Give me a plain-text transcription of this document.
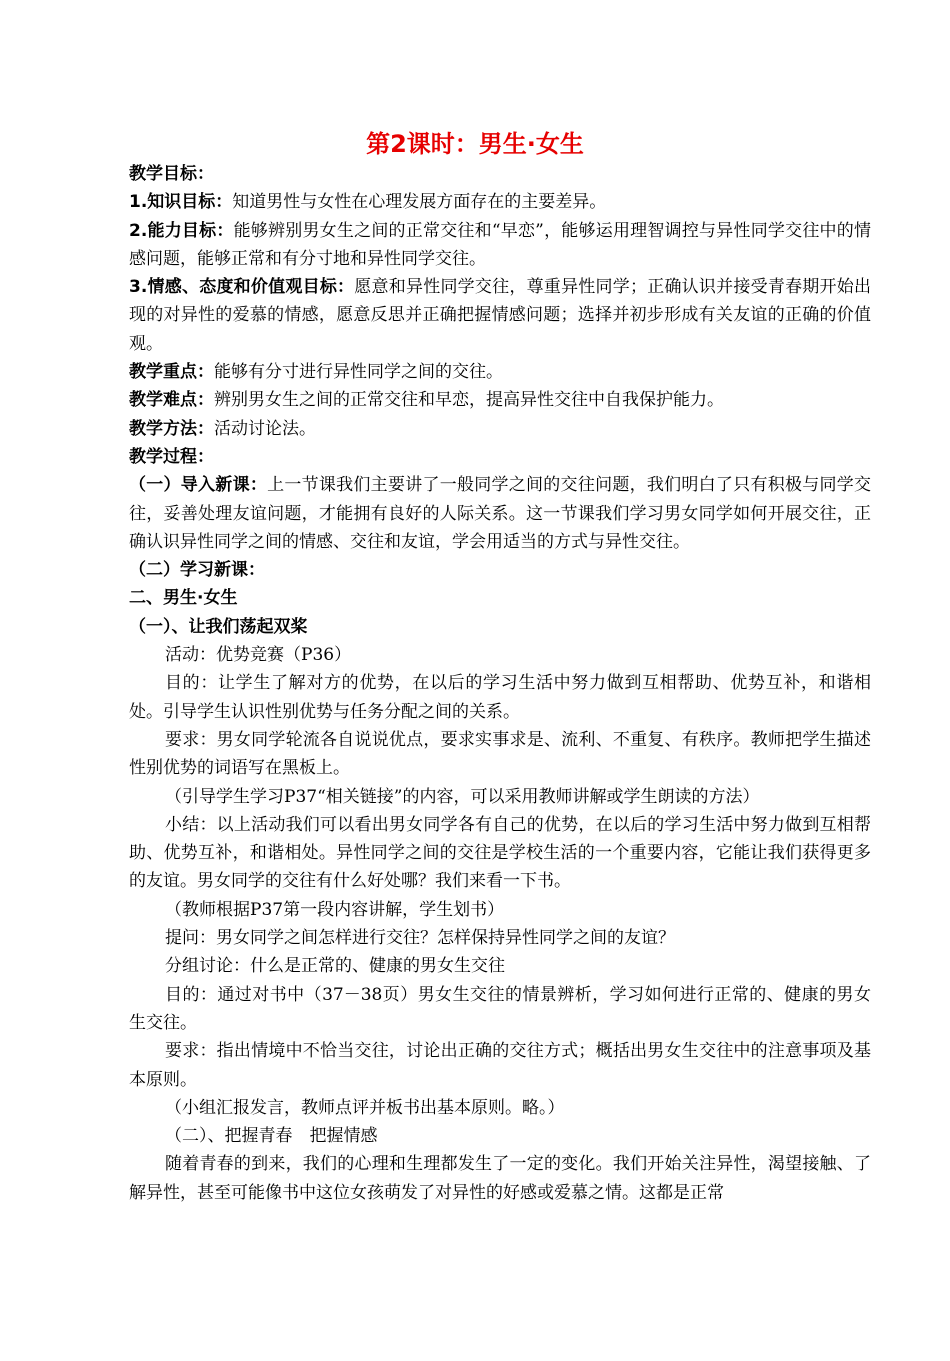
第2课时：男生·女生

教学目标：

1.知识目标：知道男性与女性在心理发展方面存在的主要差异。

2.能力目标：能够辨别男女生之间的正常交往和“早恋”，能够运用理智调控与异性同学交往中的情感问题，能够正常和有分寸地和异性同学交往。

3.情感、态度和价值观目标：愿意和异性同学交往，尊重异性同学；正确认识并接受青春期开始出现的对异性的爱慕的情感，愿意反思并正确把握情感问题；选择并初步形成有关友谊的正确的价值观。

教学重点：能够有分寸进行异性同学之间的交往。

教学难点：辨别男女生之间的正常交往和早恋，提高异性交往中自我保护能力。

教学方法：活动讨论法。

教学过程：

（一）导入新课：上一节课我们主要讲了一般同学之间的交往问题，我们明白了只有积极与同学交往，妥善处理友谊问题，才能拥有良好的人际关系。这一节课我们学习男女同学如何开展交往，正确认识异性同学之间的情感、交往和友谊，学会用适当的方式与异性交往。

（二）学习新课：

二、男生·女生

（一）、让我们荡起双桨

活动：优势竞赛（P36）

目的：让学生了解对方的优势，在以后的学习生活中努力做到互相帮助、优势互补，和谐相处。引导学生认识性别优势与任务分配之间的关系。

要求：男女同学轮流各自说说优点，要求实事求是、流利、不重复、有秩序。教师把学生描述性别优势的词语写在黑板上。

（引导学生学习P37“相关链接”的内容，可以采用教师讲解或学生朗读的方法）

小结：以上活动我们可以看出男女同学各有自己的优势，在以后的学习生活中努力做到互相帮助、优势互补，和谐相处。异性同学之间的交往是学校生活的一个重要内容，它能让我们获得更多的友谊。男女同学的交往有什么好处哪？我们来看一下书。

（教师根据P37第一段内容讲解，学生划书）

提问：男女同学之间怎样进行交往？怎样保持异性同学之间的友谊？

分组讨论：什么是正常的、健康的男女生交往

目的：通过对书中（37－38页）男女生交往的情景辨析，学习如何进行正常的、健康的男女生交往。

要求：指出情境中不恰当交往，讨论出正确的交往方式；概括出男女生交往中的注意事项及基本原则。

（小组汇报发言，教师点评并板书出基本原则。略。）

（二）、把握青春　把握情感

随着青春的到来，我们的心理和生理都发生了一定的变化。我们开始关注异性，渴望接触、了解异性，甚至可能像书中这位女孩萌发了对异性的好感或爱慕之情。这都是正常
